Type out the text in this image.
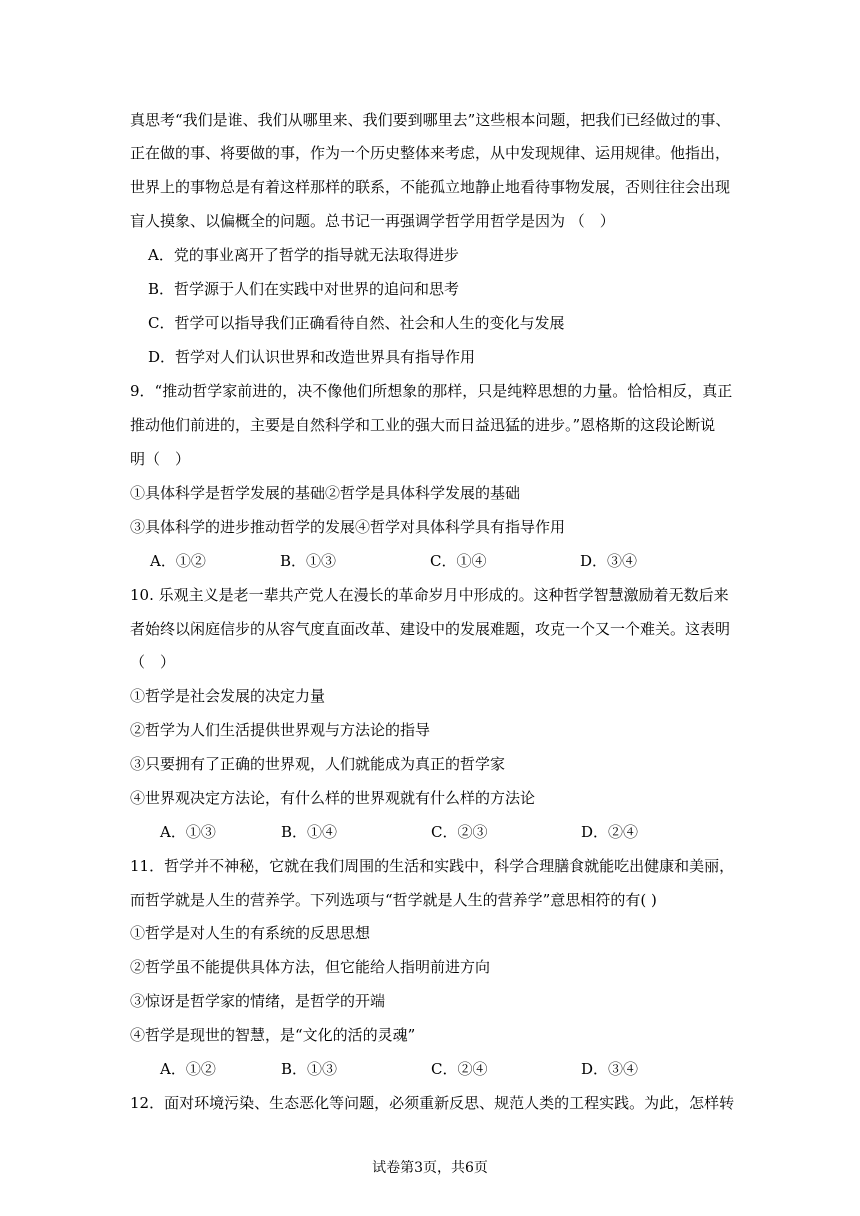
真思考“我们是谁、我们从哪里来、我们要到哪里去”这些根本问题，把我们已经做过的事、
正在做的事、将要做的事，作为一个历史整体来考虑，从中发现规律、运用规律。他指出，
世界上的事物总是有着这样那样的联系，不能孤立地静止地看待事物发展，否则往往会出现
盲人摸象、以偏概全的问题。总书记一再强调学哲学用哲学是因为 （　）
A．党的事业离开了哲学的指导就无法取得进步
B．哲学源于人们在实践中对世界的追问和思考
C．哲学可以指导我们正确看待自然、社会和人生的变化与发展
D．哲学对人们认识世界和改造世界具有指导作用
9．“推动哲学家前进的，决不像他们所想象的那样，只是纯粹思想的力量。恰恰相反，真正
推动他们前进的，主要是自然科学和工业的强大而日益迅猛的进步。”恩格斯的这段论断说
明（　）
①具体科学是哲学发展的基础②哲学是具体科学发展的基础
③具体科学的进步推动哲学的发展④哲学对具体科学具有指导作用
A．①②	B．①③	C．①④	D．③④
10. 乐观主义是老一辈共产党人在漫长的革命岁月中形成的。这种哲学智慧激励着无数后来
者始终以闲庭信步的从容气度直面改革、建设中的发展难题，攻克一个又一个难关。这表明
（　）
①哲学是社会发展的决定力量
②哲学为人们生活提供世界观与方法论的指导
③只要拥有了正确的世界观，人们就能成为真正的哲学家
④世界观决定方法论，有什么样的世界观就有什么样的方法论
A．①③	B．①④	C．②③	D．②④
11．哲学并不神秘，它就在我们周围的生活和实践中，科学合理膳食就能吃出健康和美丽，
而哲学就是人生的营养学。下列选项与“哲学就是人生的营养学”意思相符的有( )
①哲学是对人生的有系统的反思思想
②哲学虽不能提供具体方法，但它能给人指明前进方向
③惊讶是哲学家的情绪，是哲学的开端
④哲学是现世的智慧，是“文化的活的灵魂”
A．①②	B．①③	C．②④	D．③④
12．面对环境污染、生态恶化等问题，必须重新反思、规范人类的工程实践。为此，怎样转
试卷第3页，共6页
